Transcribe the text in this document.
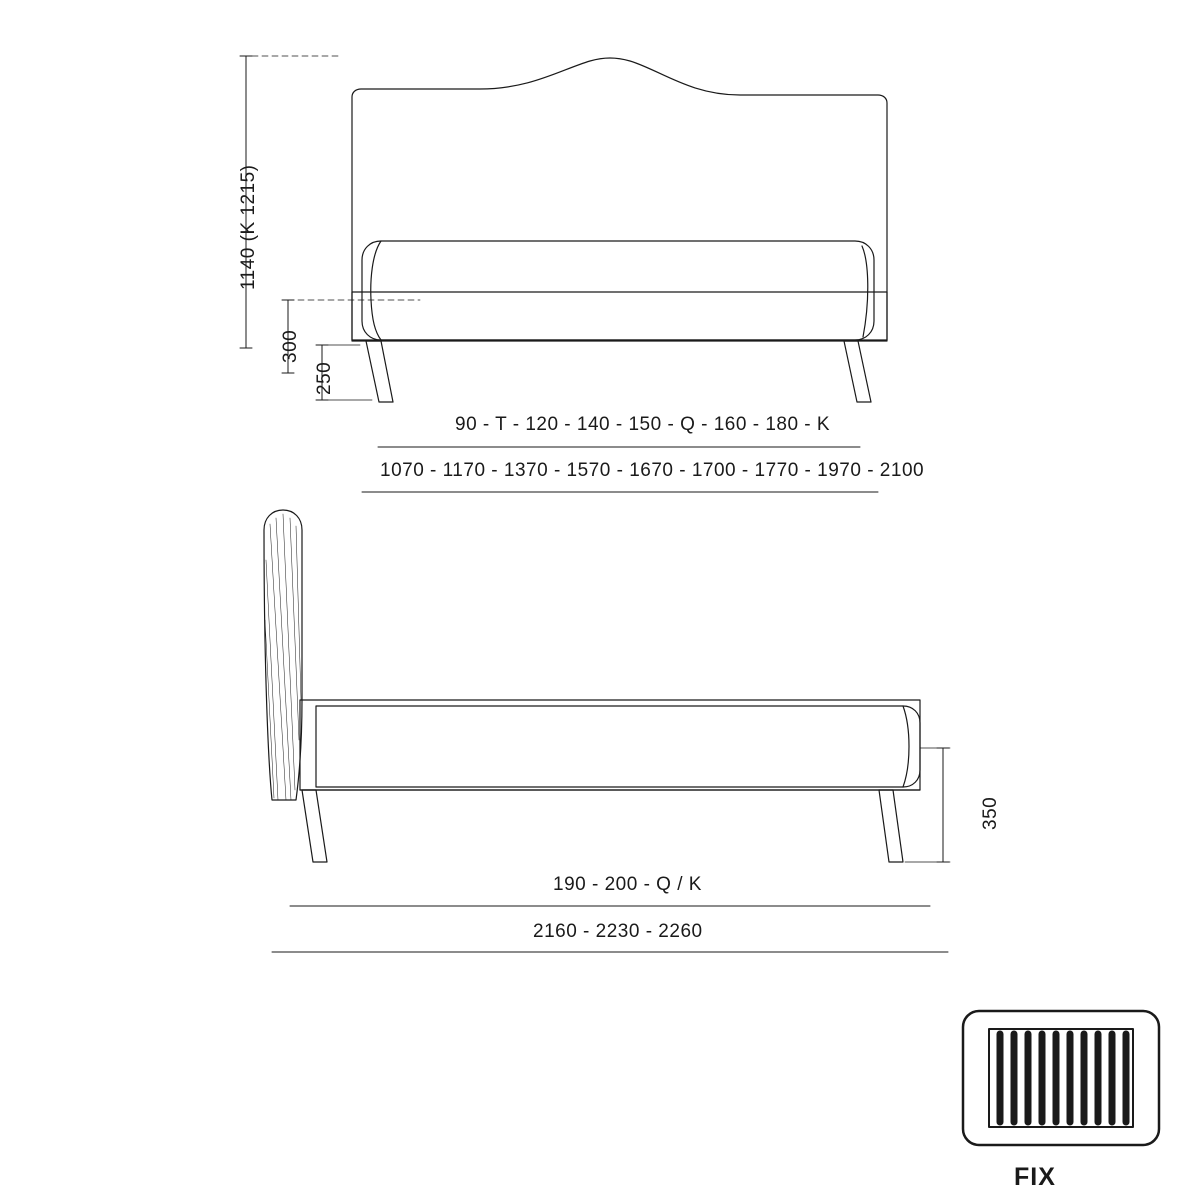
1140 (K 1215)
300
250
90 - T - 120 - 140 - 150 - Q - 160 - 180 - K
1070 - 1170 - 1370 - 1570 - 1670 - 1700 - 1770 - 1970 - 2100
350
190 - 200 - Q / K
2160 - 2230 - 2260
FIX
